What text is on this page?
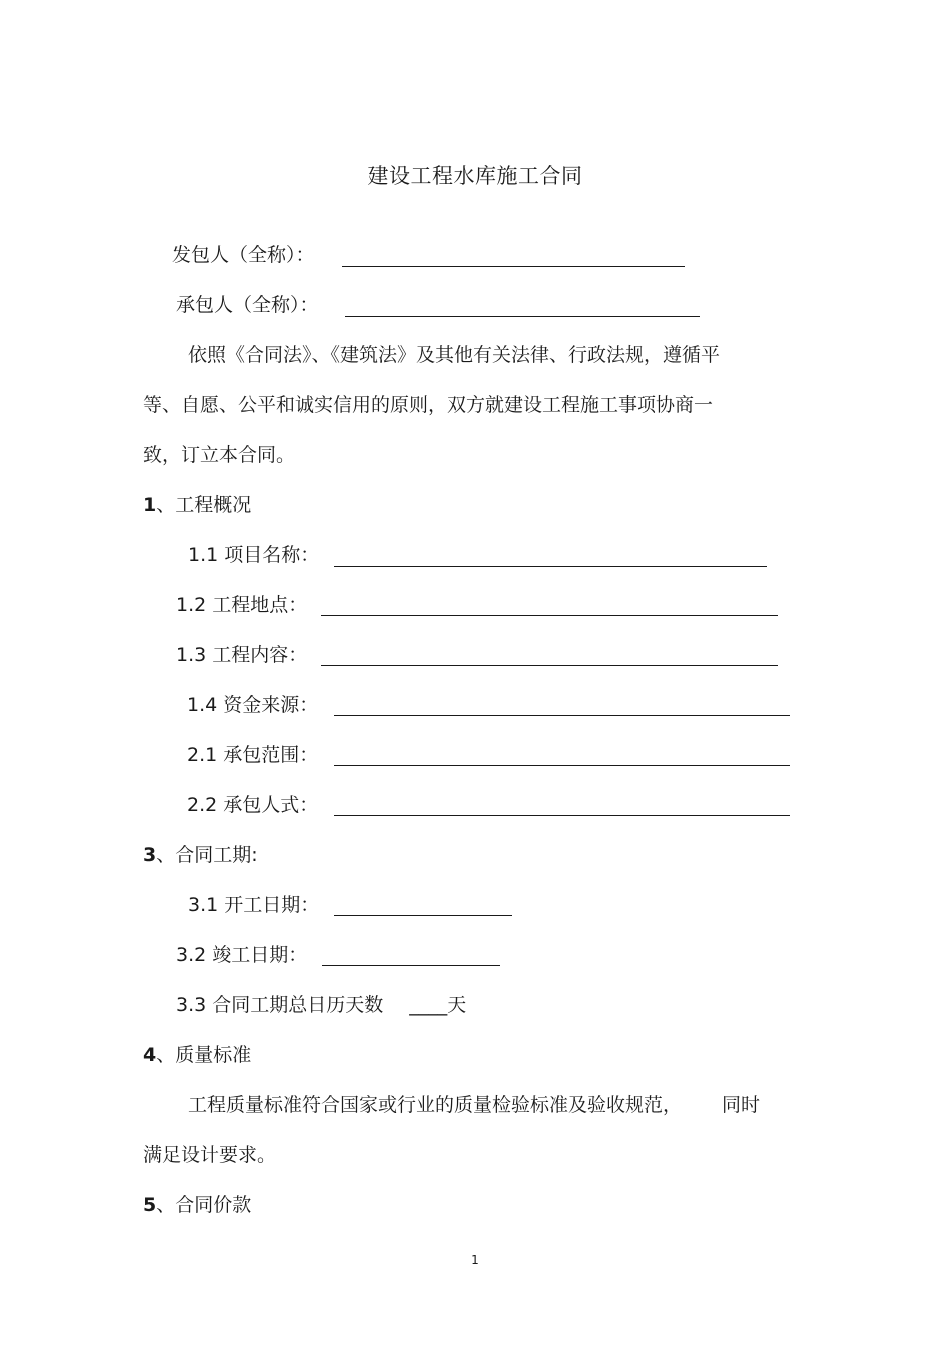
建设工程水库施工合同
发包人（全称）：
承包人（全称）：
依照《合同法》、《建筑法》及其他有关法律、行政法规，遵循平
等、自愿、公平和诚实信用的原则，双方就建设工程施工事项协商一
致，订立本合同。
1、工程概况
1.1 项目名称：
1.2 工程地点：
1.3 工程内容：
1.4 资金来源：
2.1 承包范围：
2.2 承包人式：
3、合同工期:
3.1 开工日期：
3.2 竣工日期：
3.3 合同工期总日历天数 ____天
4、质量标准
工程质量标准符合国家或行业的质量检验标准及验收规范， 同时
满足设计要求。
5、合同价款
1
